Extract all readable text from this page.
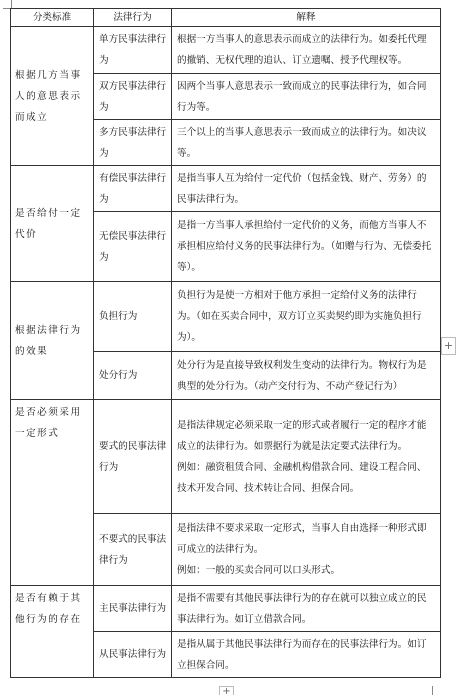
分类标准	法律行为	解释
根据几方当事人的意思表示而成立	单方民事法律行为	根据一方当事人的意思表示而成立的法律行为。如委托代理的撤销、无权代理的追认、订立遗嘱、授予代理权等。
	双方民事法律行为	因两个当事人意思表示一致而成立的民事法律行为，如合同行为等。
	多方民事法律行为	三个以上的当事人意思表示一致而成立的法律行为。如决议等。
是否给付一定代价	有偿民事法律行为	是指当事人互为给付一定代价（包括金钱、财产、劳务）的民事法律行为。
	无偿民事法律行为	是指一方当事人承担给付一定代价的义务，而他方当事人不承担相应给付义务的民事法律行为。（如赠与行为、无偿委托等）。
根据法律行为的效果	负担行为	负担行为是使一方相对于他方承担一定给付义务的法律行为。（如在买卖合同中，双方订立买卖契约即为实施负担行为）。
	处分行为	处分行为是直接导致权利发生变动的法律行为。物权行为是典型的处分行为。（动产交付行为、不动产登记行为）
是否必须采用一定形式	要式的民事法律行为	是指法律规定必须采取一定的形式或者履行一定的程序才能成立的法律行为。如票据行为就是法定要式法律行为。
例如：融资租赁合同、金融机构借款合同、建设工程合同、技术开发合同、技术转让合同、担保合同。

	不要式的民事法律行为	是指法律不要求采取一定形式，当事人自由选择一种形式即可成立的法律行为。
例如：一般的买卖合同可以口头形式。

是否有赖于其他行为的存在	主民事法律行为	是指不需要有其他民事法律行为的存在就可以独立成立的民事法律行为。如订立借款合同。
	从民事法律行为	是指从属于其他民事法律行为而存在的民事法律行为。如订立担保合同。
+
+
